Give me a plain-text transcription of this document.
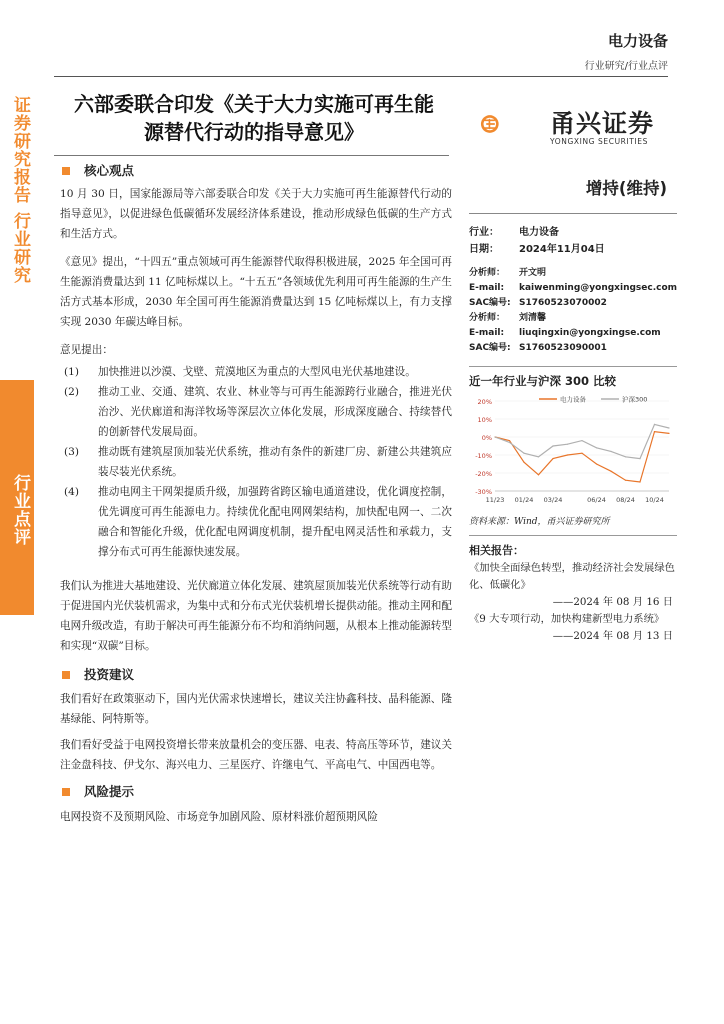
证券研究报告
行业研究
行业点评
电力设备
行业研究/行业点评
六部委联合印发《关于大力实施可再生能
源替代行动的指导意见》	甬兴证券
YONGXING SECURITIES
核心观点

10 月 30 日，国家能源局等六部委联合印发《关于大力实施可再生能源替代行动的指导意见》，以促进绿色低碳循环发展经济体系建设，推动形成绿色低碳的生产方式和生活方式。

《意见》提出，“十四五”重点领域可再生能源替代取得积极进展，2025 年全国可再生能源消费量达到 11 亿吨标煤以上。“十五五”各领域优先利用可再生能源的生产生活方式基本形成，2030 年全国可再生能源消费量达到 15 亿吨标煤以上，有力支撑实现 2030 年碳达峰目标。

意见提出：

(1)	加快推进以沙漠、戈壁、荒漠地区为重点的大型风电光伏基地建设。
(2)	推动工业、交通、建筑、农业、林业等与可再生能源跨行业融合，推进光伏治沙、光伏廊道和海洋牧场等深层次立体化发展，形成深度融合、持续替代的创新替代发展局面。
(3)	推动既有建筑屋顶加装光伏系统，推动有条件的新建厂房、新建公共建筑应装尽装光伏系统。
(4)	推动电网主干网架提质升级，加强跨省跨区输电通道建设，优化调度控制，优先调度可再生能源电力。持续优化配电网网架结构，加快配电网一、二次融合和智能化升级，优化配电网调度机制，提升配电网灵活性和承载力，支撑分布式可再生能源快速发展。

我们认为推进大基地建设、光伏廊道立体化发展、建筑屋顶加装光伏系统等行动有助于促进国内光伏装机需求，为集中式和分布式光伏装机增长提供动能。推动主网和配电网升级改造，有助于解决可再生能源分布不均和消纳问题，从根本上推动能源转型和实现“双碳”目标。

投资建议

我们看好在政策驱动下，国内光伏需求快速增长，建议关注协鑫科技、晶科能源、隆基绿能、阿特斯等。

我们看好受益于电网投资增长带来放量机会的变压器、电表、特高压等环节，建议关注金盘科技、伊戈尔、海兴电力、三星医疗、许继电气、平高电气、中国西电等。

风险提示

电网投资不及预期风险、市场竞争加剧风险、原材料涨价超预期风险

增持(维持)
行业：	电力设备
日期：	2024年11月04日
分析师：	开文明
E-mail:	kaiwenming@yongxingsec.com
SAC编号: S1760523070002
分析师：	刘清馨
E-mail:	liuqingxin@yongxingse.com
SAC编号: S1760523090001
近一年行业与沪深 300 比较
20%
10%
0%
-10%
-20%
-30%
11/23 01/24 03/24	06/24 08/24 10/24
电力设备	沪深300
资料来源：Wind，甬兴证券研究所
相关报告：
《加快全面绿色转型，推动经济社会发展绿色化、低碳化》
——2024 年 08 月 16 日
《9 大专项行动，加快构建新型电力系统》
——2024 年 08 月 13 日
